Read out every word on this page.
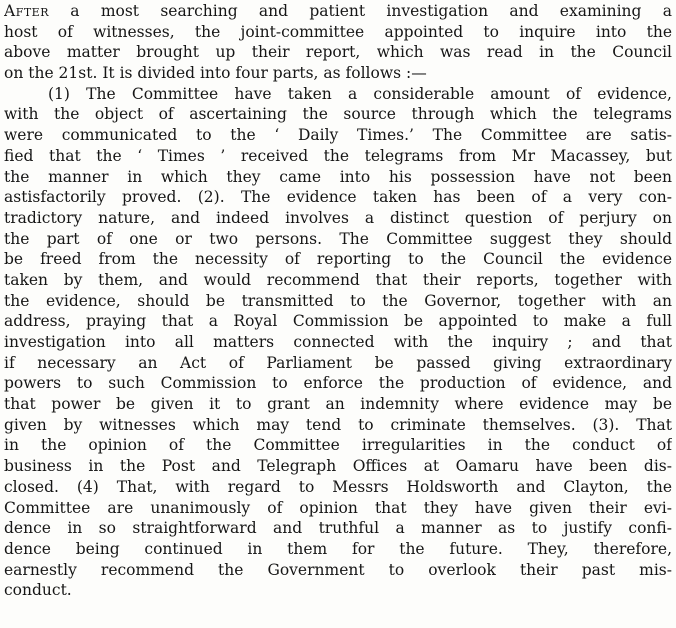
After a most searching and patient investigation and examining a
host of witnesses, the joint-committee appointed to inquire into the
above matter brought up their report, which was read in the Council
on the 21st. It is divided into four parts, as follows :—
(1) The Committee have taken a considerable amount of evidence,
with the object of ascertaining the source through which the telegrams
were communicated to the ‘ Daily Times.’ The Committee are satis-
fied that the ‘ Times ’ received the telegrams from Mr Macassey, but
the manner in which they came into his possession have not been
astisfactorily proved. (2). The evidence taken has been of a very con-
tradictory nature, and indeed involves a distinct question of perjury on
the part of one or two persons. The Committee suggest they should
be freed from the necessity of reporting to the Council the evidence
taken by them, and would recommend that their reports, together with
the evidence, should be transmitted to the Governor, together with an
address, praying that a Royal Commission be appointed to make a full
investigation into all matters connected with the inquiry ; and that
if necessary an Act of Parliament be passed giving extraordinary
powers to such Commission to enforce the production of evidence, and
that power be given it to grant an indemnity where evidence may be
given by witnesses which may tend to criminate themselves. (3). That
in the opinion of the Committee irregularities in the conduct of
business in the Post and Telegraph Offices at Oamaru have been dis-
closed. (4) That, with regard to Messrs Holdsworth and Clayton, the
Committee are unanimously of opinion that they have given their evi-
dence in so straightforward and truthful a manner as to justify confi-
dence being continued in them for the future. They, therefore,
earnestly recommend the Government to overlook their past mis-
conduct.
